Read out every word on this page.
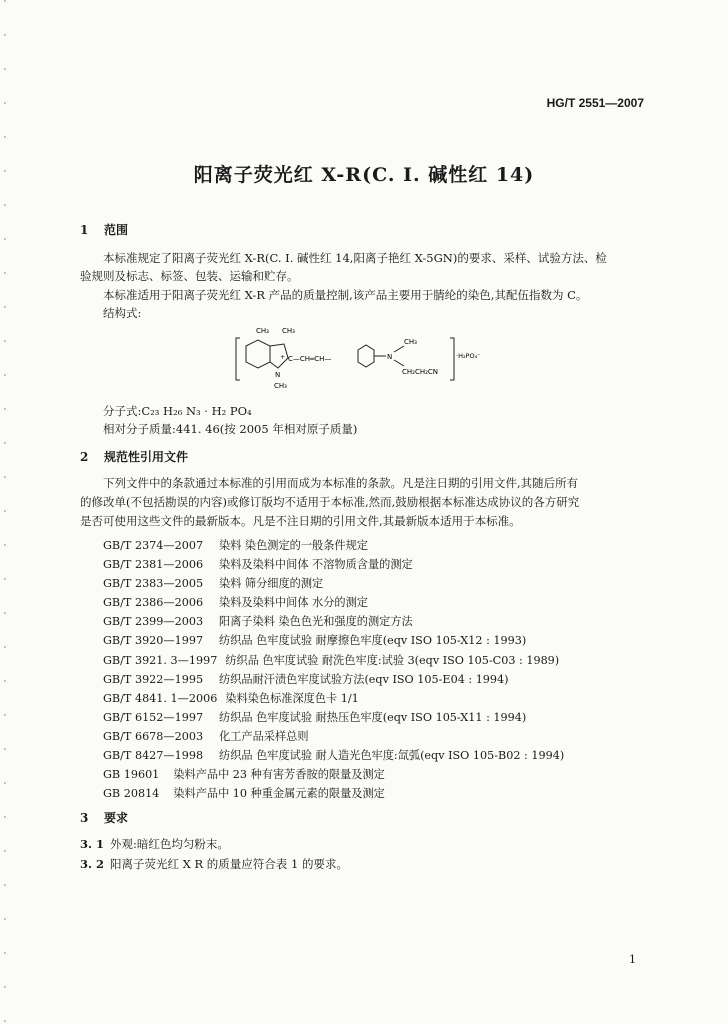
HG/T 2551—2007
阳离子荧光红 X-R(C. I. 碱性红 14)
1 范围
本标准规定了阳离子荧光红 X-R(C. I. 碱性红 14,阳离子艳红 X-5GN)的要求、采样、试验方法、检
验规则及标志、标签、包装、运输和贮存。
本标准适用于阳离子荧光红 X-R 产品的质量控制,该产品主要用于腈纶的染色,其配伍指数为 C。
结构式:
CH₃ CH₃
C—CH═CH—
+
N
CH₃
N
CH₃
CH₂CH₂CN
·H₂PO₄⁻
分子式:C₂₃ H₂₆ N₃ · H₂ PO₄
相对分子质量:441. 46(按 2005 年相对原子质量)
2 规范性引用文件
下列文件中的条款通过本标准的引用而成为本标准的条款。凡是注日期的引用文件,其随后所有
的修改单(不包括勘误的内容)或修订版均不适用于本标准,然而,鼓励根据本标准达成协议的各方研究
是否可使用这些文件的最新版本。凡是不注日期的引用文件,其最新版本适用于本标准。
GB/T 2374—2007 染料 染色测定的一般条件规定
GB/T 2381—2006 染料及染料中间体 不溶物质含量的测定
GB/T 2383—2005 染料 筛分细度的测定
GB/T 2386—2006 染料及染料中间体 水分的测定
GB/T 2399—2003 阳离子染料 染色色光和强度的测定方法
GB/T 3920—1997 纺织品 色牢度试验 耐摩擦色牢度(eqv ISO 105-X12 : 1993)
GB/T 3921. 3—1997 纺织品 色牢度试验 耐洗色牢度:试验 3(eqv ISO 105-C03 : 1989)
GB/T 3922—1995 纺织品耐汗渍色牢度试验方法(eqv ISO 105-E04 : 1994)
GB/T 4841. 1—2006 染料染色标准深度色卡 1/1
GB/T 6152—1997 纺织品 色牢度试验 耐热压色牢度(eqv ISO 105-X11 : 1994)
GB/T 6678—2003 化工产品采样总则
GB/T 8427—1998 纺织品 色牢度试验 耐人造光色牢度:氙弧(eqv ISO 105-B02 : 1994)
GB 19601 染料产品中 23 种有害芳香胺的限量及测定
GB 20814 染料产品中 10 种重金属元素的限量及测定
3 要求
3. 1 外观:暗红色均匀粉末。
3. 2 阳离子荧光红 X R 的质量应符合表 1 的要求。
1
